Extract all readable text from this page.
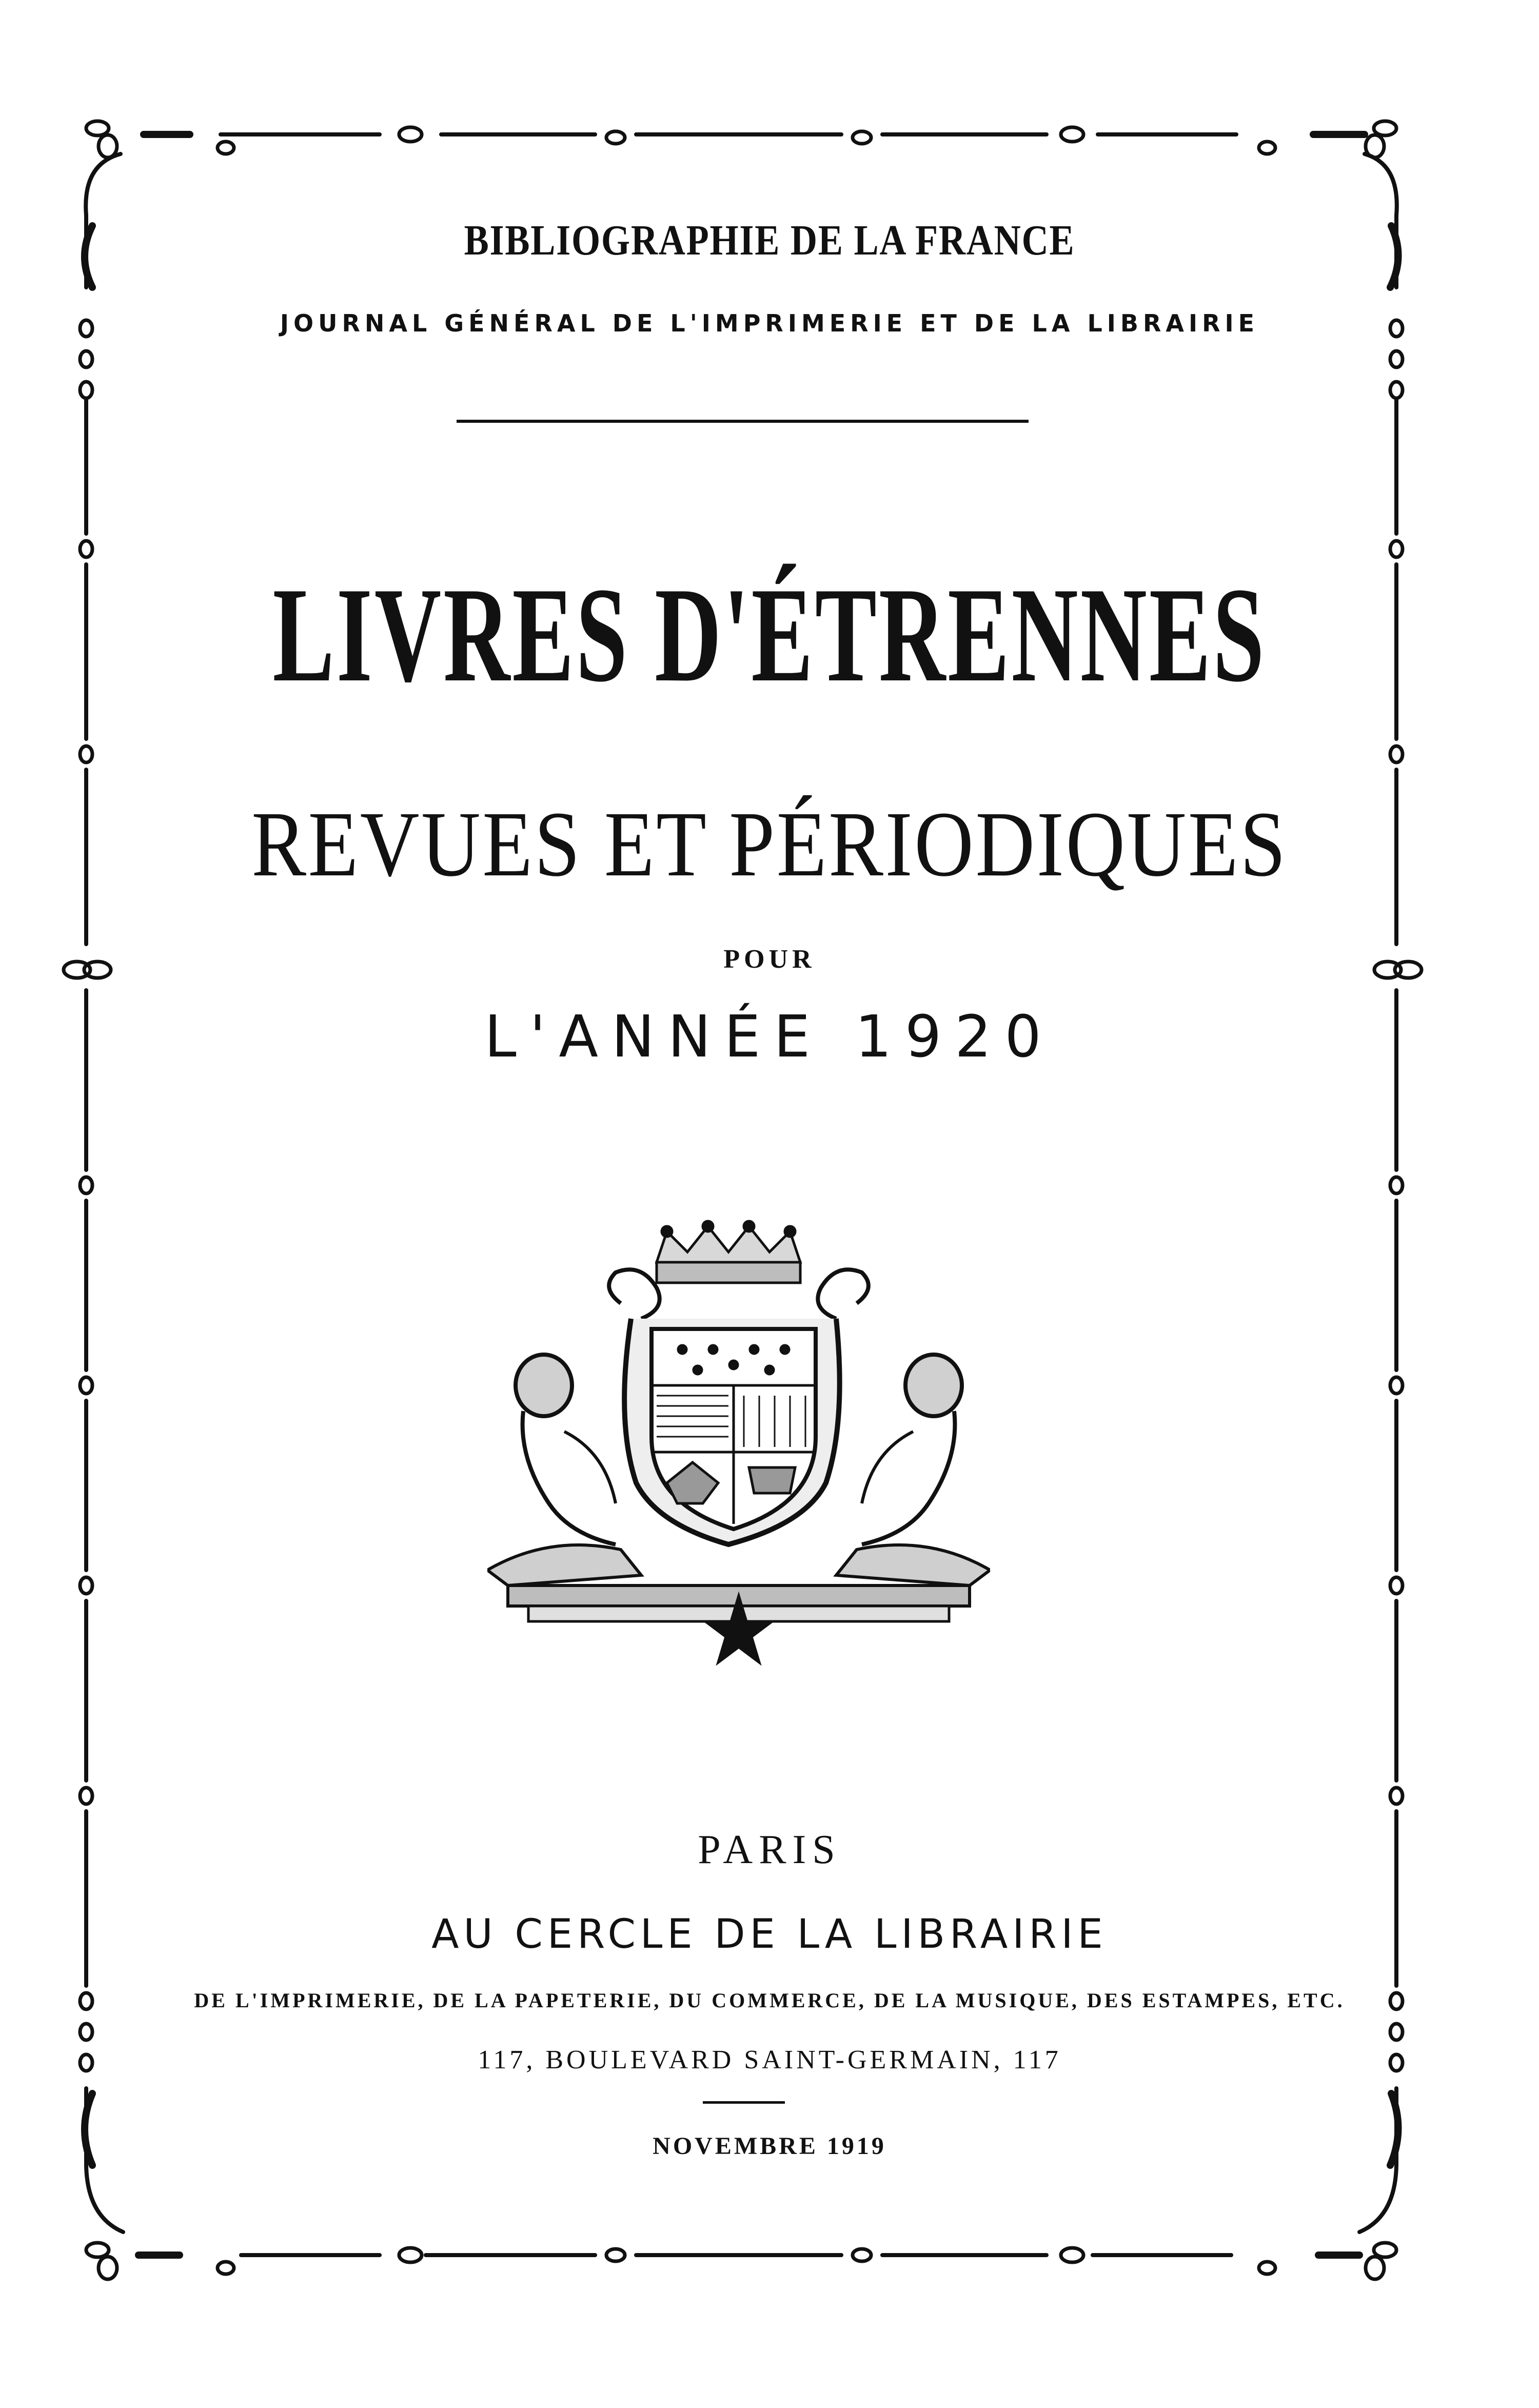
BIBLIOGRAPHIE DE LA FRANCE
JOURNAL GÉNÉRAL DE L'IMPRIMERIE ET DE LA LIBRAIRIE
LIVRES D'ÉTRENNES
REVUES ET PÉRIODIQUES
POUR
L'ANNÉE 1920
PARIS
AU CERCLE DE LA LIBRAIRIE
DE L'IMPRIMERIE, DE LA PAPETERIE, DU COMMERCE, DE LA MUSIQUE, DES ESTAMPES, ETC.
117, BOULEVARD SAINT-GERMAIN, 117
NOVEMBRE 1919
